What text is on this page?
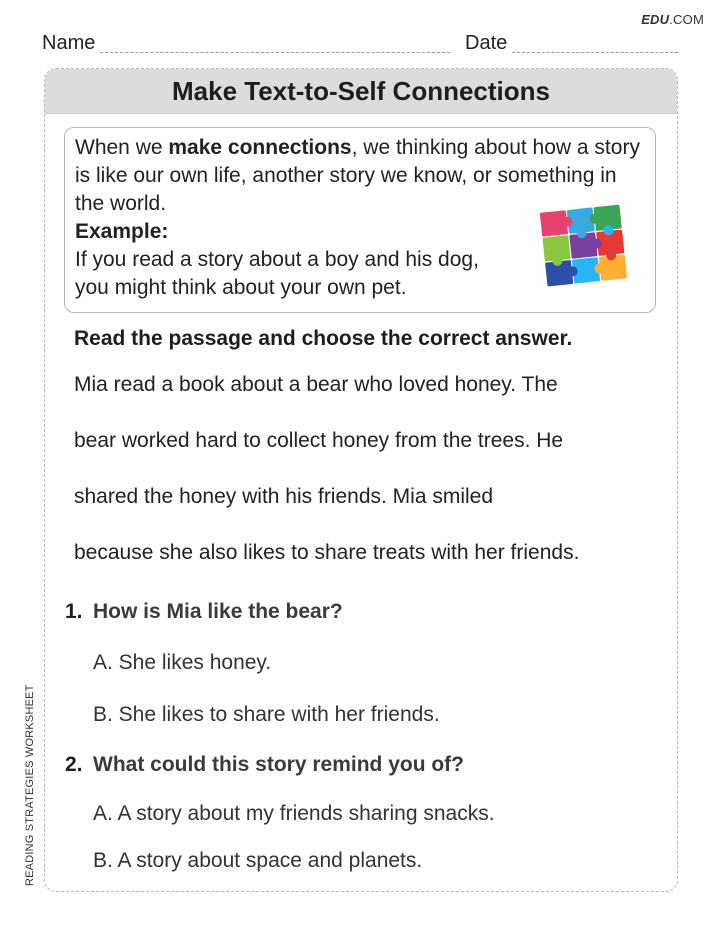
EDU.COM
Name	Date
READING STRATEGIES WORKSHEET
Make Text-to-Self Connections
When we make connections, we thinking about how a story is like our own life, another story we know, or something in the world.
Example:
If you read a story about a boy and his dog, you might think about your own pet.
Read the passage and choose the correct answer.
Mia read a book about a bear who loved honey. The
bear worked hard to collect honey from the trees. He
shared the honey with his friends. Mia smiled
because she also likes to share treats with her friends.
1. How is Mia like the bear?
A. She likes honey.
B. She likes to share with her friends.
2. What could this story remind you of?
A. A story about my friends sharing snacks.
B. A story about space and planets.
